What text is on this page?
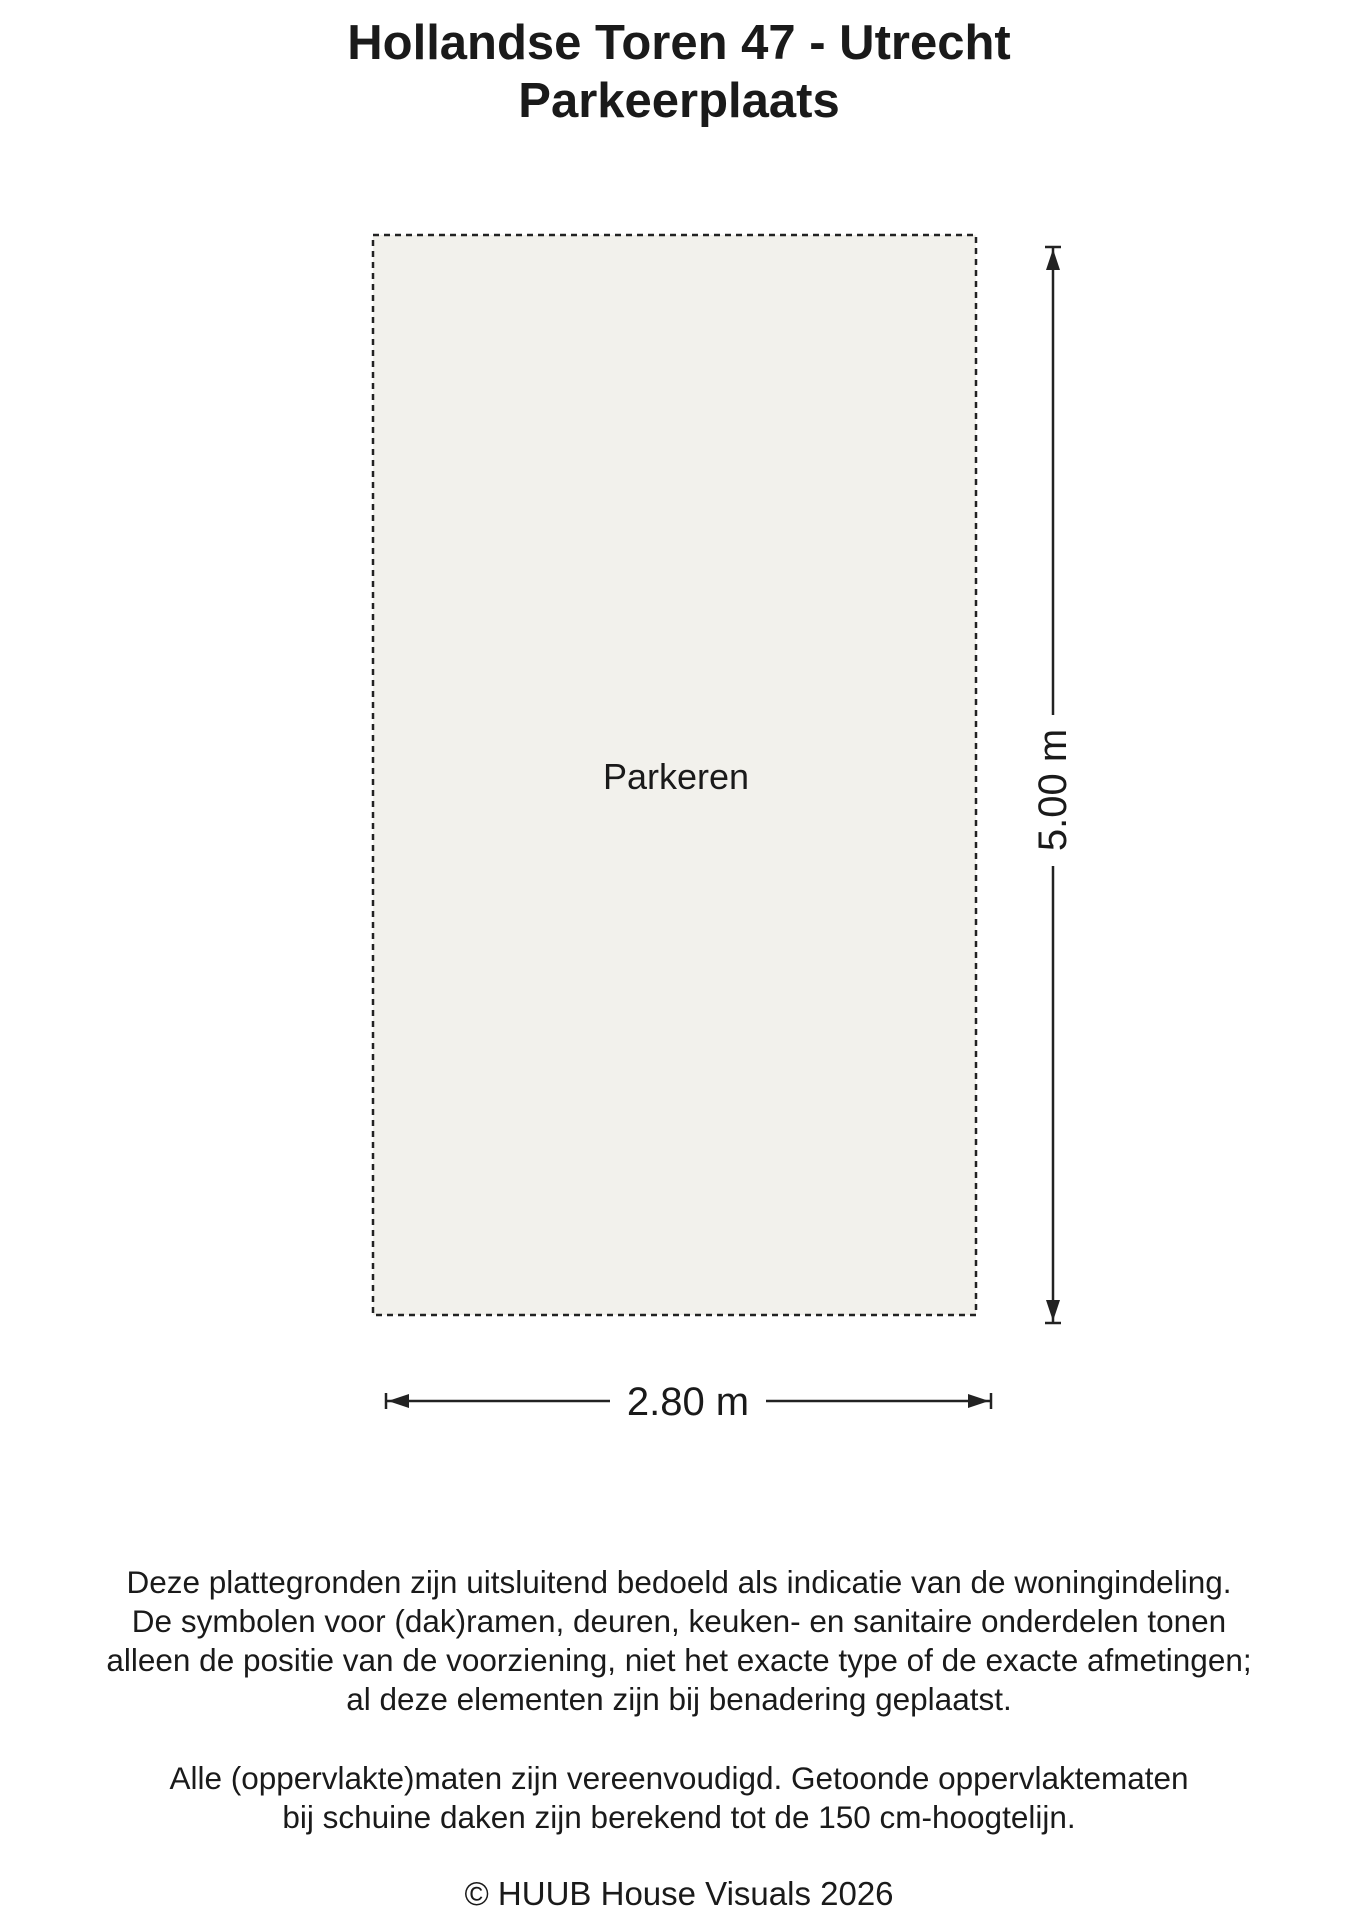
Hollandse Toren 47 - Utrecht
Parkeerplaats
Parkeren	5.00 m
2.80 m
Deze plattegronden zijn uitsluitend bedoeld als indicatie van de woningindeling.
De symbolen voor (dak)ramen, deuren, keuken- en sanitaire onderdelen tonen
alleen de positie van de voorziening, niet het exacte type of de exacte afmetingen;
al deze elementen zijn bij benadering geplaatst.
Alle (oppervlakte)maten zijn vereenvoudigd. Getoonde oppervlaktematen
bij schuine daken zijn berekend tot de 150 cm-hoogtelijn.
© HUUB House Visuals 2026
